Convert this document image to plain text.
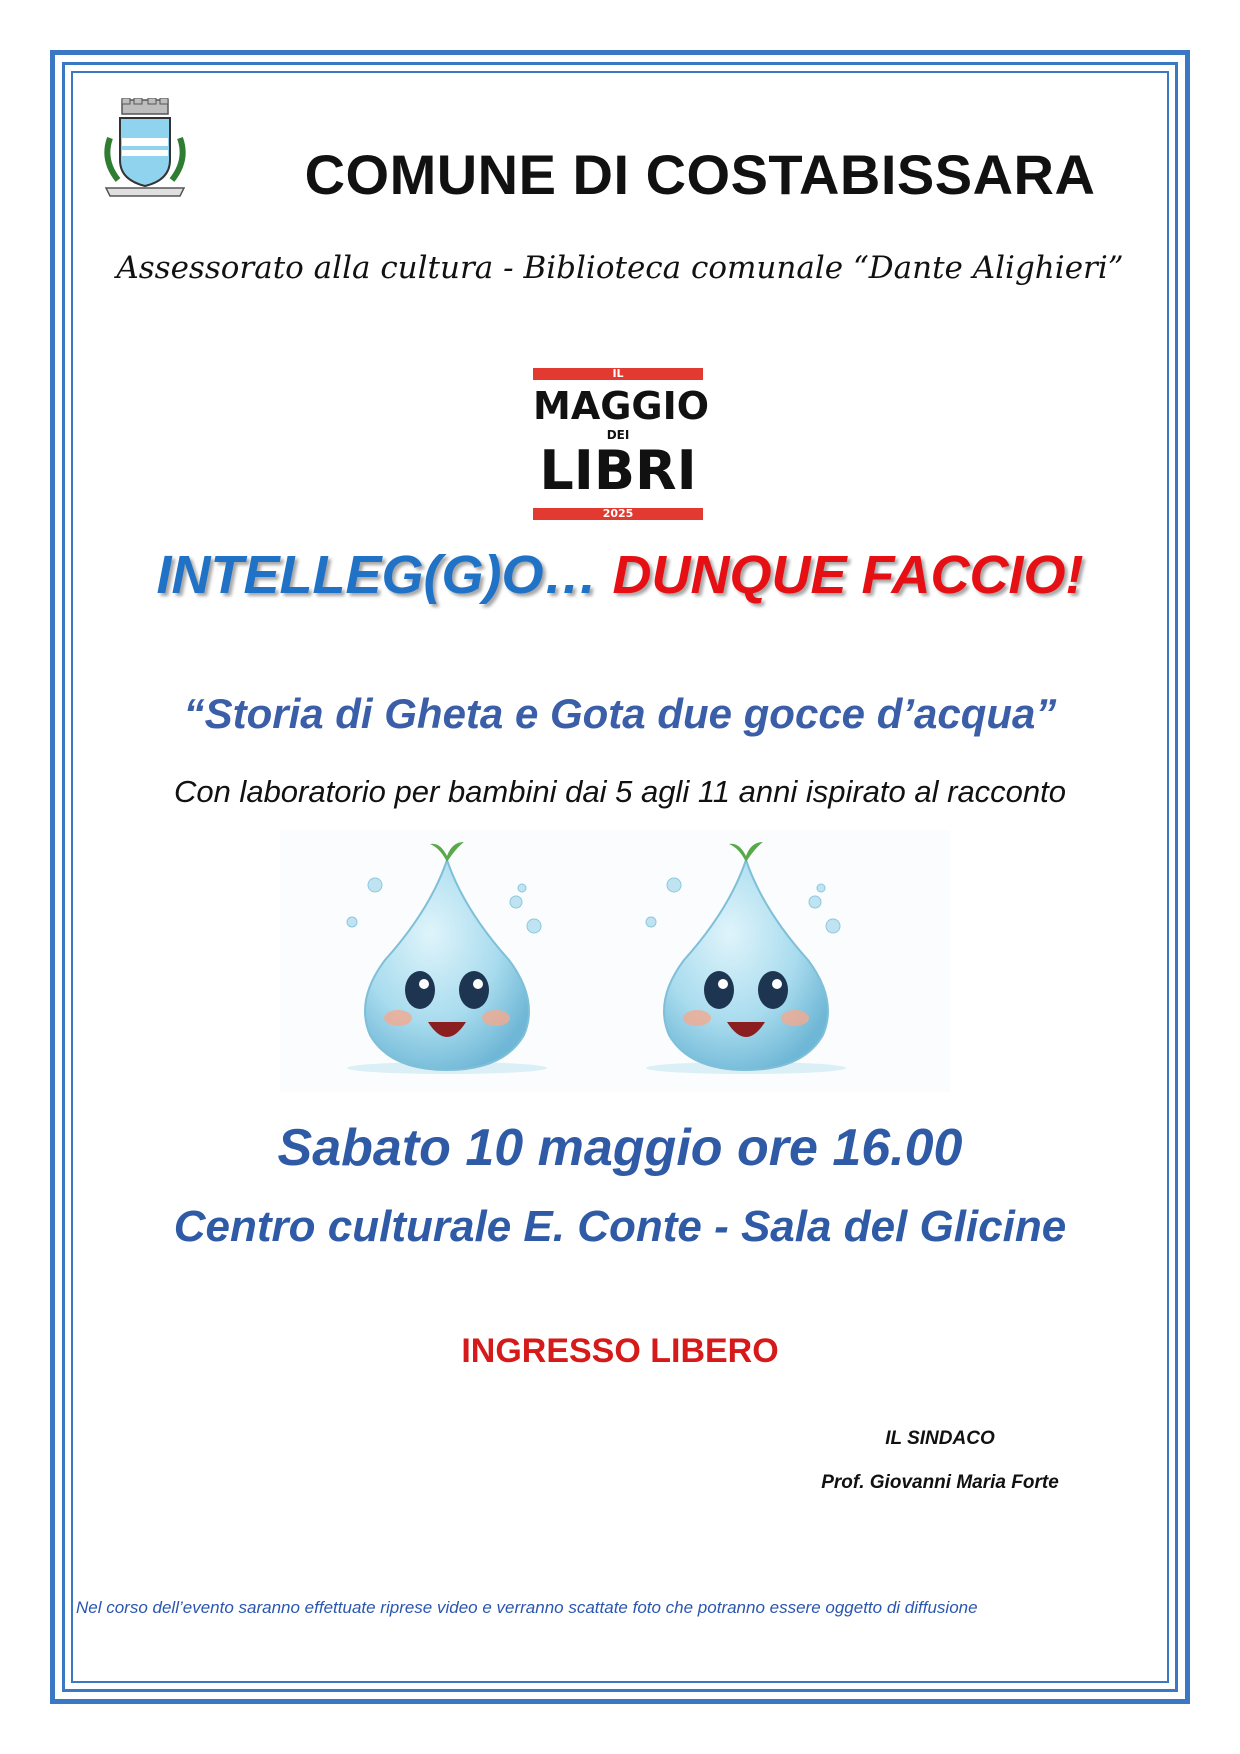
COMUNE DI COSTABISSARA
Assessorato alla cultura - Biblioteca comunale “Dante Alighieri”
IL
MAGGIO
DEI
LIBRI
2025
INTELLEG(G)O… DUNQUE FACCIO!
“Storia di Gheta e Gota due gocce d’acqua”
Con laboratorio per bambini dai 5 agli 11 anni ispirato al racconto
Sabato 10 maggio ore 16.00
Centro culturale E. Conte - Sala del Glicine
INGRESSO LIBERO
IL SINDACO
Prof. Giovanni Maria Forte
Nel corso dell’evento saranno effettuate riprese video e verranno scattate foto che potranno essere oggetto di diffusione
